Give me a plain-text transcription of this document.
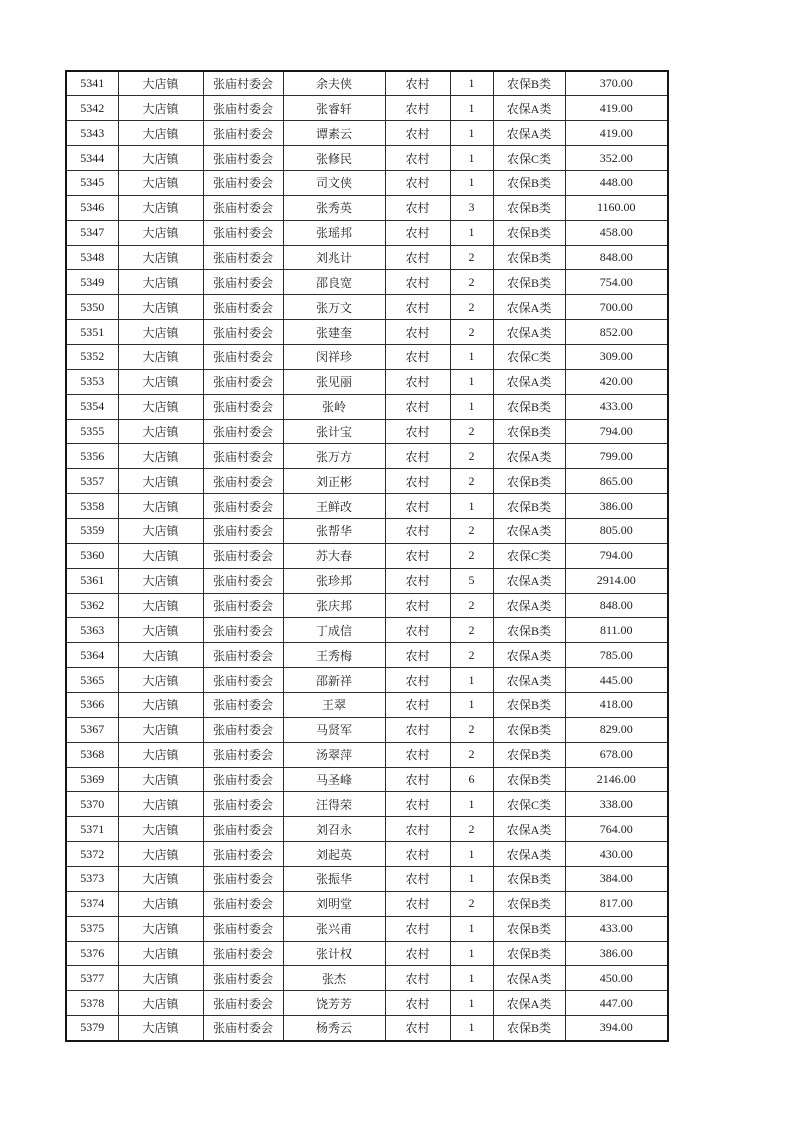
5341	大店镇	张庙村委会	余夫侠	农村	1	农保B类	370.00
5342	大店镇	张庙村委会	张睿轩	农村	1	农保A类	419.00
5343	大店镇	张庙村委会	谭素云	农村	1	农保A类	419.00
5344	大店镇	张庙村委会	张修民	农村	1	农保C类	352.00
5345	大店镇	张庙村委会	司文侠	农村	1	农保B类	448.00
5346	大店镇	张庙村委会	张秀英	农村	3	农保B类	1160.00
5347	大店镇	张庙村委会	张瑶邦	农村	1	农保B类	458.00
5348	大店镇	张庙村委会	刘兆计	农村	2	农保B类	848.00
5349	大店镇	张庙村委会	邵良宽	农村	2	农保B类	754.00
5350	大店镇	张庙村委会	张万文	农村	2	农保A类	700.00
5351	大店镇	张庙村委会	张建奎	农村	2	农保A类	852.00
5352	大店镇	张庙村委会	闵祥珍	农村	1	农保C类	309.00
5353	大店镇	张庙村委会	张见丽	农村	1	农保A类	420.00
5354	大店镇	张庙村委会	张岭	农村	1	农保B类	433.00
5355	大店镇	张庙村委会	张计宝	农村	2	农保B类	794.00
5356	大店镇	张庙村委会	张万方	农村	2	农保A类	799.00
5357	大店镇	张庙村委会	刘正彬	农村	2	农保B类	865.00
5358	大店镇	张庙村委会	王鲜改	农村	1	农保B类	386.00
5359	大店镇	张庙村委会	张帮华	农村	2	农保A类	805.00
5360	大店镇	张庙村委会	苏大春	农村	2	农保C类	794.00
5361	大店镇	张庙村委会	张珍邦	农村	5	农保A类	2914.00
5362	大店镇	张庙村委会	张庆邦	农村	2	农保A类	848.00
5363	大店镇	张庙村委会	丁成信	农村	2	农保B类	811.00
5364	大店镇	张庙村委会	王秀梅	农村	2	农保A类	785.00
5365	大店镇	张庙村委会	邵新祥	农村	1	农保A类	445.00
5366	大店镇	张庙村委会	王翠	农村	1	农保B类	418.00
5367	大店镇	张庙村委会	马贤军	农村	2	农保B类	829.00
5368	大店镇	张庙村委会	汤翠萍	农村	2	农保B类	678.00
5369	大店镇	张庙村委会	马圣峰	农村	6	农保B类	2146.00
5370	大店镇	张庙村委会	汪得荣	农村	1	农保C类	338.00
5371	大店镇	张庙村委会	刘召永	农村	2	农保A类	764.00
5372	大店镇	张庙村委会	刘起英	农村	1	农保A类	430.00
5373	大店镇	张庙村委会	张振华	农村	1	农保B类	384.00
5374	大店镇	张庙村委会	刘明堂	农村	2	农保B类	817.00
5375	大店镇	张庙村委会	张兴甫	农村	1	农保B类	433.00
5376	大店镇	张庙村委会	张计权	农村	1	农保B类	386.00
5377	大店镇	张庙村委会	张杰	农村	1	农保A类	450.00
5378	大店镇	张庙村委会	饶芳芳	农村	1	农保A类	447.00
5379	大店镇	张庙村委会	杨秀云	农村	1	农保B类	394.00
